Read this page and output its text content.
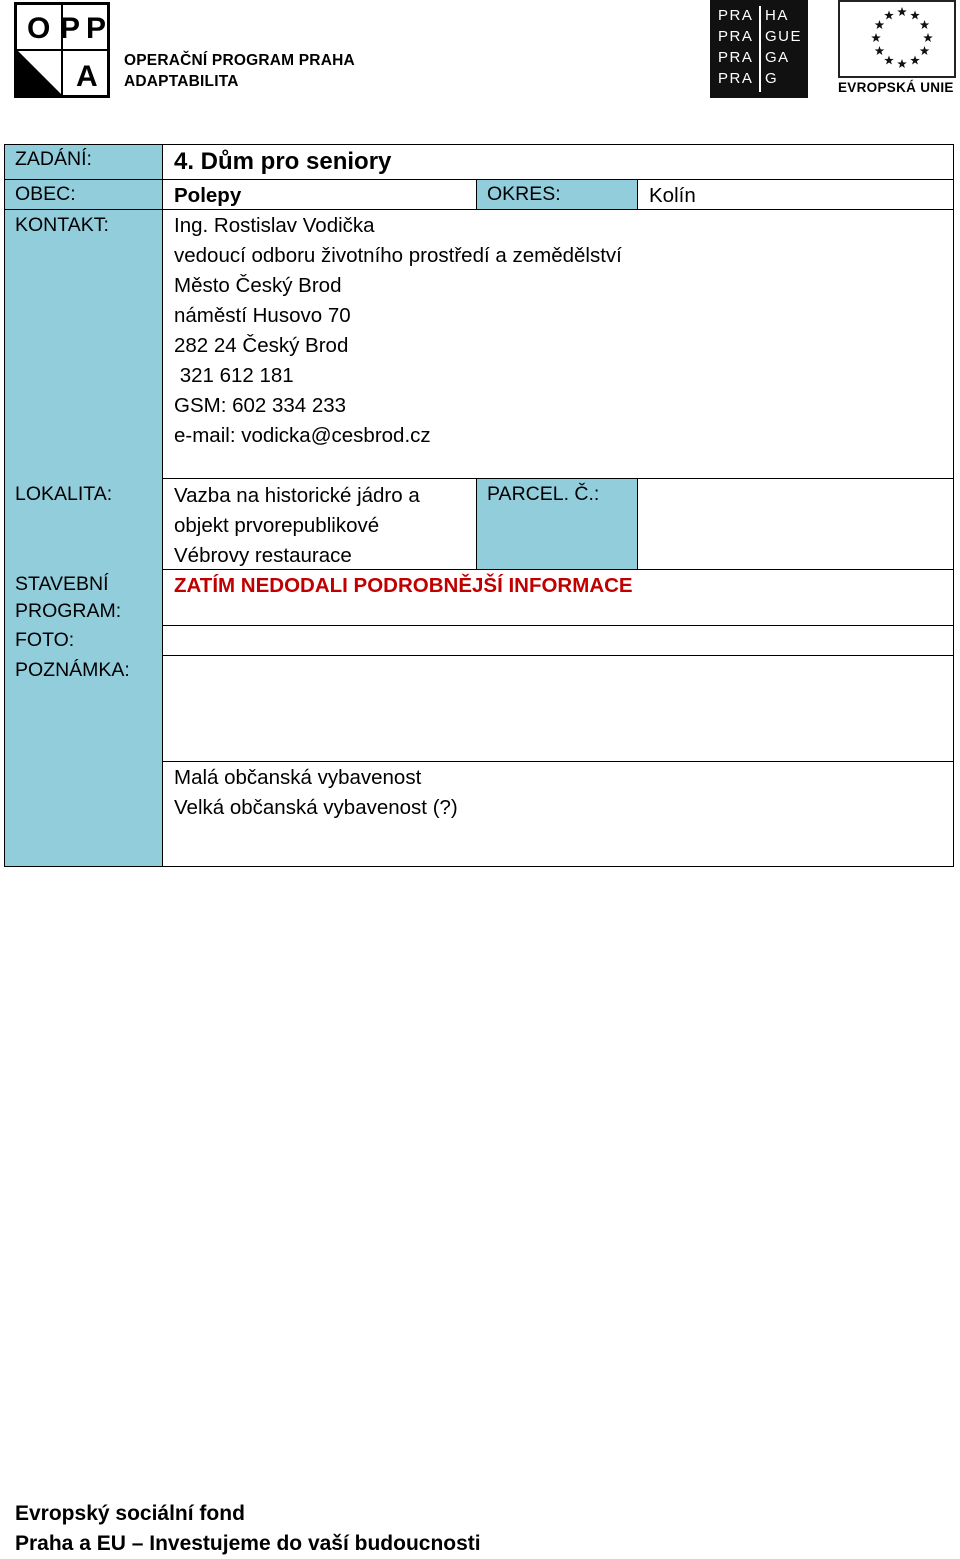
O P P
A OPERAČNÍ PROGRAM PRAHA
ADAPTABILITA
PRA
PRA
PRA
PRA
HA
GUE
GA
G
EVROPSKÁ UNIE
ZADÁNÍ:	4. Dům pro seniory
OBEC:	Polepy	OKRES:	Kolín
KONTAKT:	Ing. Rostislav Vodička
vedoucí odboru životního prostředí a zemědělství
Město Český Brod
náměstí Husovo 70
282 24 Český Brod
321 612 181
GSM: 602 334 233
e-mail: vodicka@cesbrod.cz
LOKALITA:	Vazba na historické jádro a
objekt prvorepublikové
Vébrovy restaurace
PARCEL. Č.:
STAVEBNÍ
PROGRAM:
ZATÍM NEDODALI PODROBNĚJŠÍ INFORMACE
FOTO:
POZNÁMKA:
Malá občanská vybavenost
Velká občanská vybavenost (?)
Evropský sociální fond
Praha a EU – Investujeme do vaší budoucnosti
